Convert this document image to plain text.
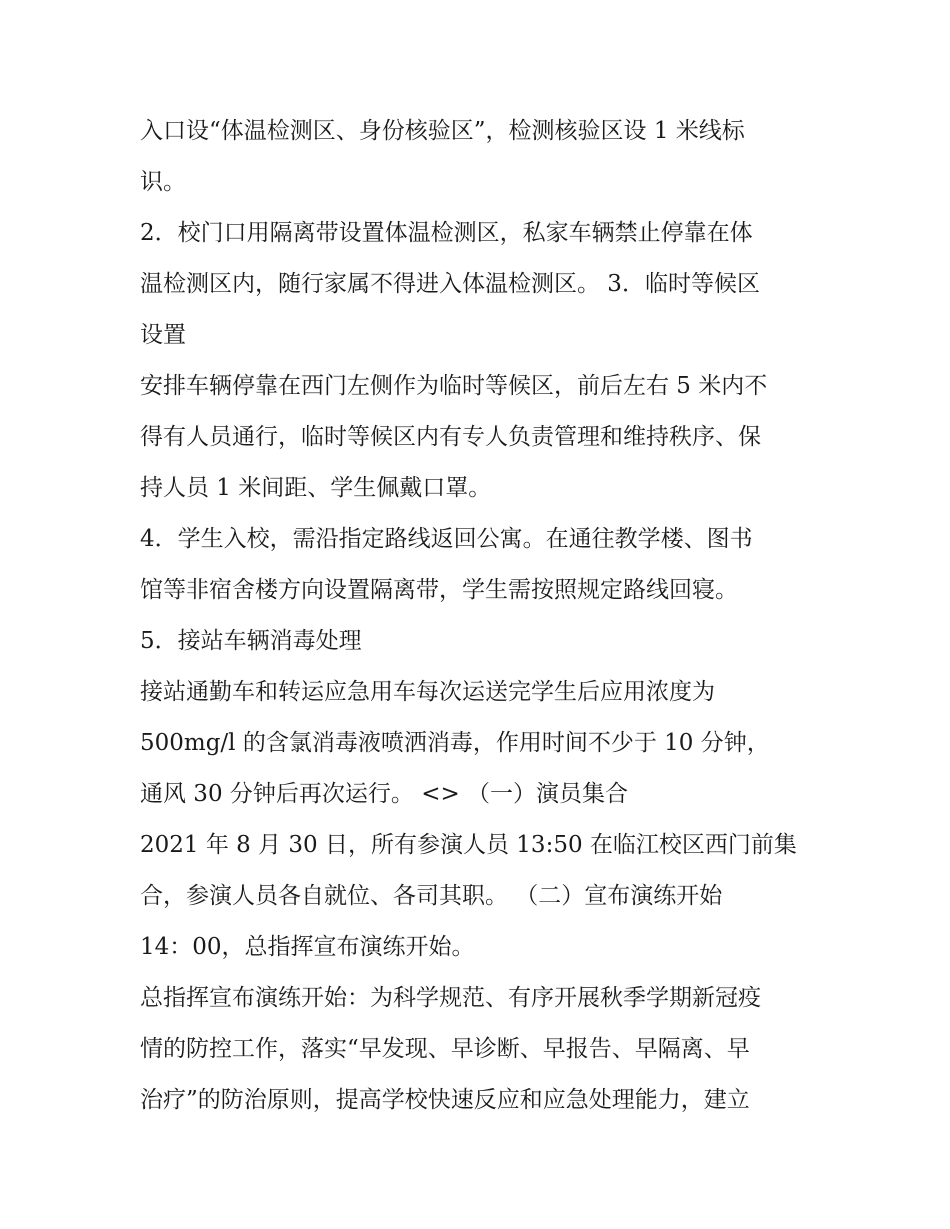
入口设“体温检测区、身份核验区”，检测核验区设 1 米线标
识。
2．校门口用隔离带设置体温检测区，私家车辆禁止停靠在体
温检测区内，随行家属不得进入体温检测区。 3．临时等候区
设置
安排车辆停靠在西门左侧作为临时等候区，前后左右 5 米内不
得有人员通行，临时等候区内有专人负责管理和维持秩序、保
持人员 1 米间距、学生佩戴口罩。
4．学生入校，需沿指定路线返回公寓。在通往教学楼、图书
馆等非宿舍楼方向设置隔离带，学生需按照规定路线回寝。
5．接站车辆消毒处理
接站通勤车和转运应急用车每次运送完学生后应用浓度为
500mg/l 的含氯消毒液喷洒消毒，作用时间不少于 10 分钟，
通风 30 分钟后再次运行。 <> （一）演员集合
2021 年 8 月 30 日，所有参演人员 13:50 在临江校区西门前集
合，参演人员各自就位、各司其职。 （二）宣布演练开始
14：00，总指挥宣布演练开始。
总指挥宣布演练开始：为科学规范、有序开展秋季学期新冠疫
情的防控工作，落实“早发现、早诊断、早报告、早隔离、早
治疗”的防治原则，提高学校快速反应和应急处理能力，建立
